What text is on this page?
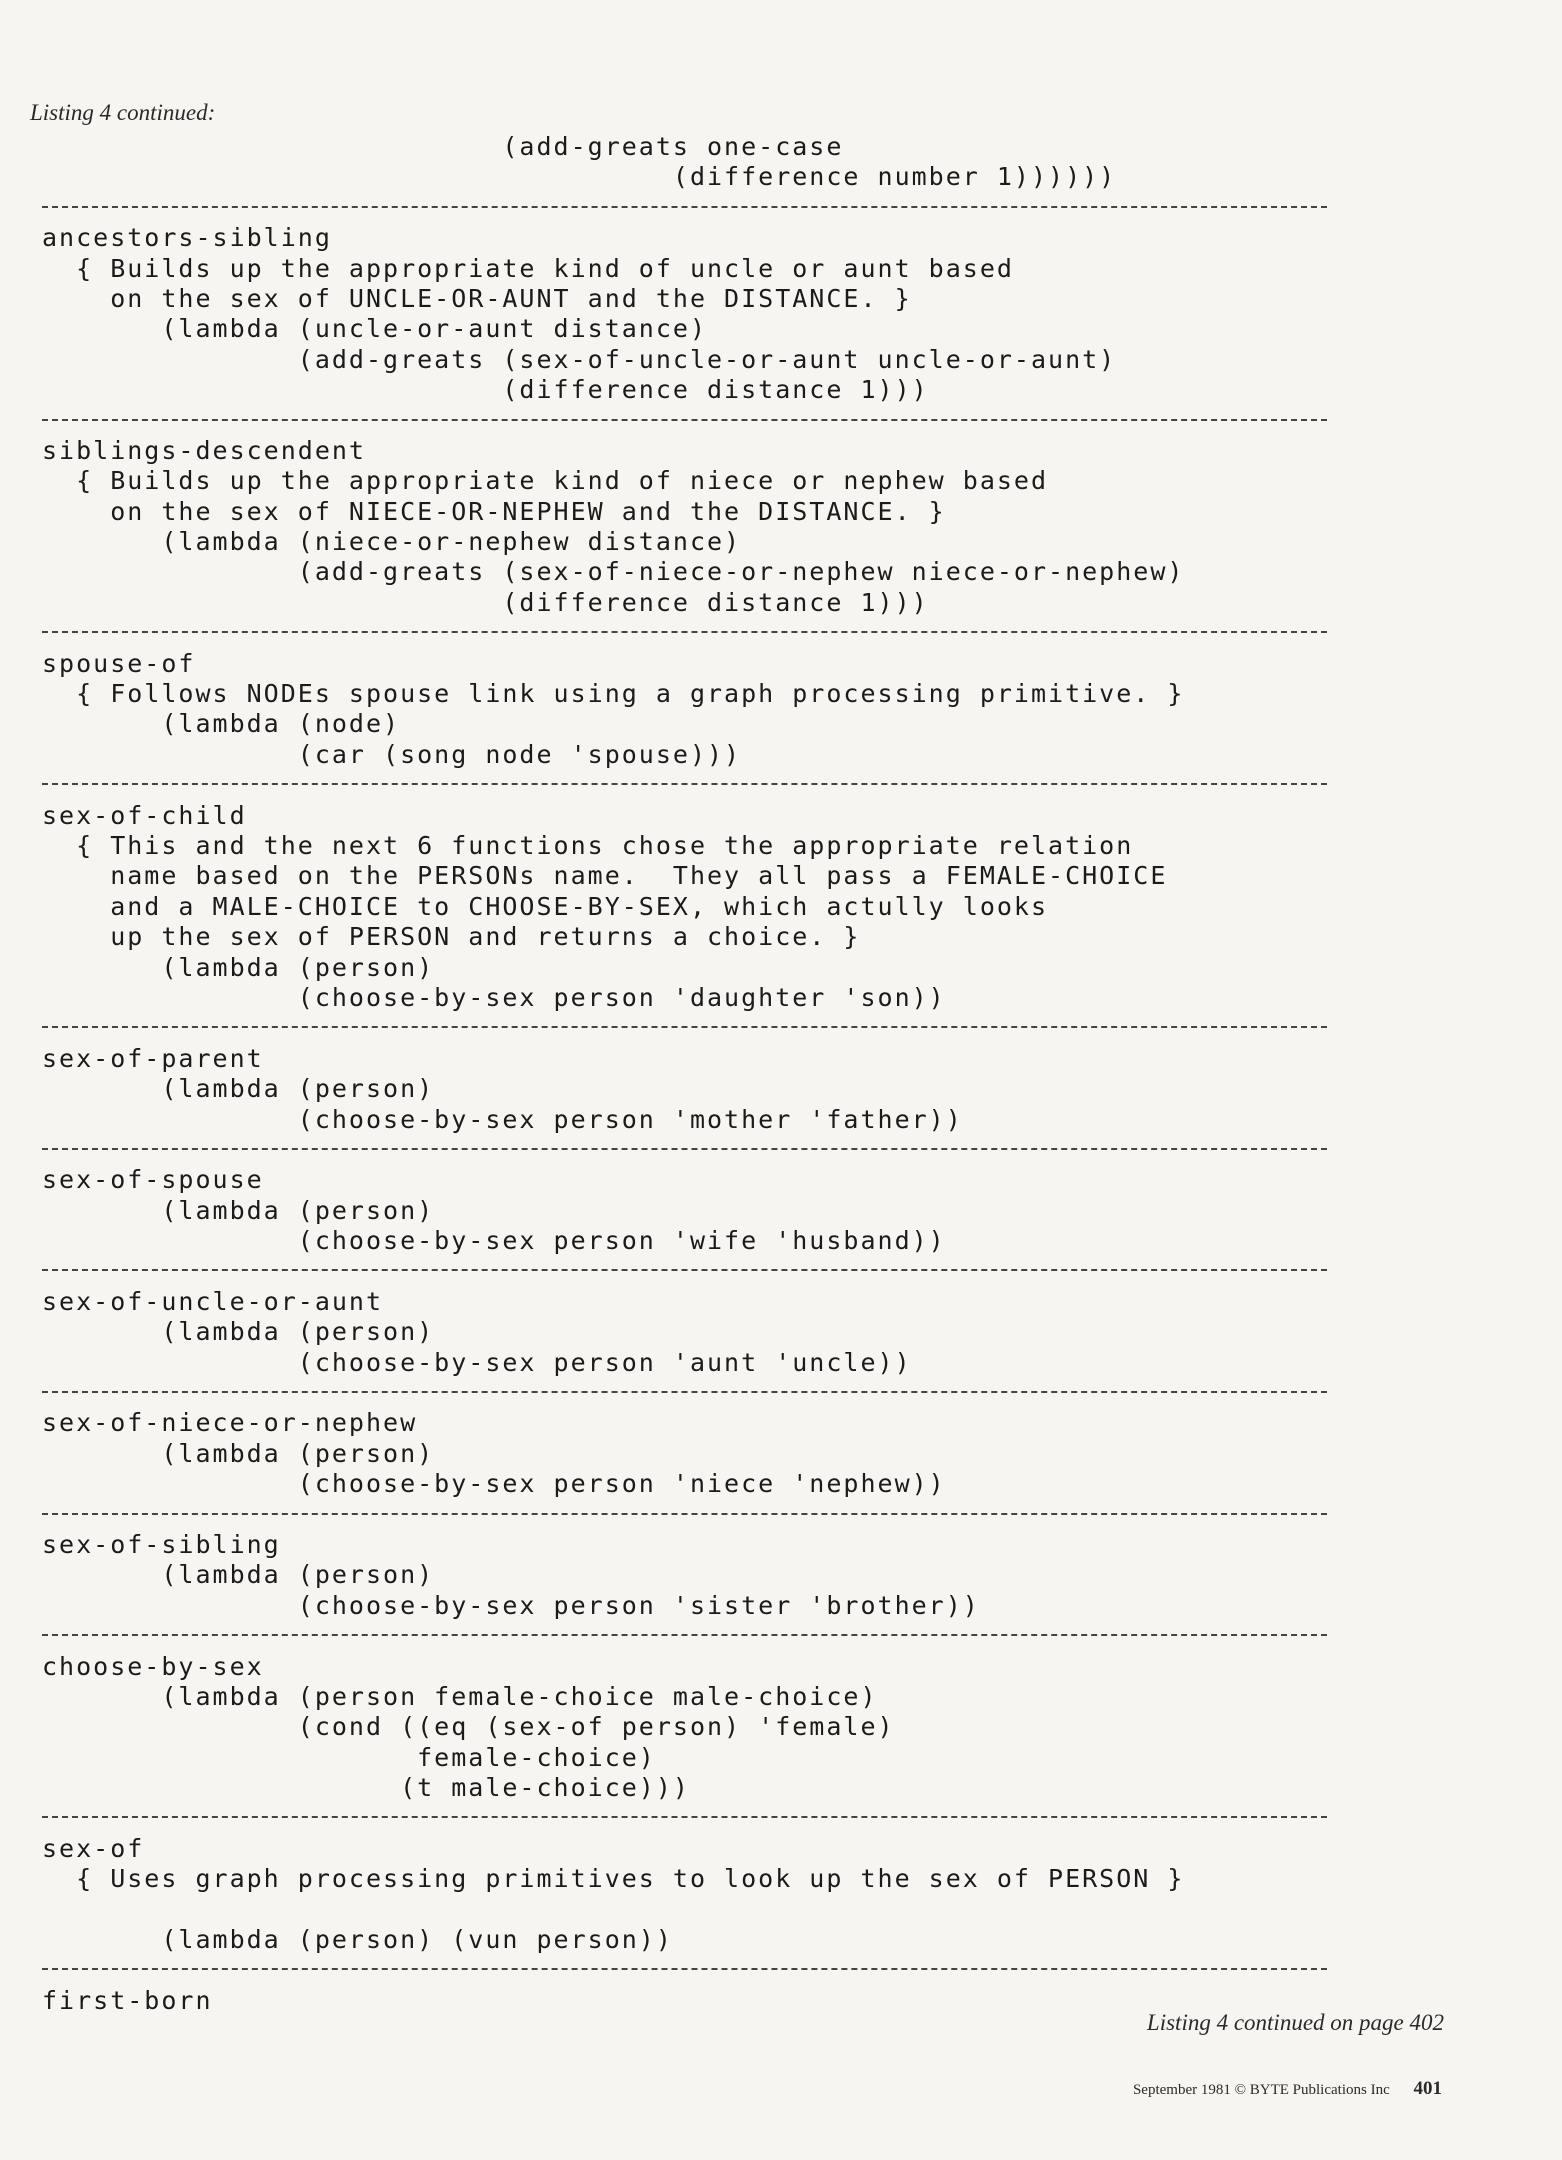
Listing 4 continued:
(add-greats one-case
(difference number 1))))))
ancestors-sibling
{ Builds up the appropriate kind of uncle or aunt based
on the sex of UNCLE-OR-AUNT and the DISTANCE. }
(lambda (uncle-or-aunt distance)
(add-greats (sex-of-uncle-or-aunt uncle-or-aunt)
(difference distance 1)))
siblings-descendent
{ Builds up the appropriate kind of niece or nephew based
on the sex of NIECE-OR-NEPHEW and the DISTANCE. }
(lambda (niece-or-nephew distance)
(add-greats (sex-of-niece-or-nephew niece-or-nephew)
(difference distance 1)))
spouse-of
{ Follows NODEs spouse link using a graph processing primitive. }
(lambda (node)
(car (song node 'spouse)))
sex-of-child
{ This and the next 6 functions chose the appropriate relation
name based on the PERSONs name.  They all pass a FEMALE-CHOICE
and a MALE-CHOICE to CHOOSE-BY-SEX, which actully looks
up the sex of PERSON and returns a choice. }
(lambda (person)
(choose-by-sex person 'daughter 'son))
sex-of-parent
(lambda (person)
(choose-by-sex person 'mother 'father))
sex-of-spouse
(lambda (person)
(choose-by-sex person 'wife 'husband))
sex-of-uncle-or-aunt
(lambda (person)
(choose-by-sex person 'aunt 'uncle))
sex-of-niece-or-nephew
(lambda (person)
(choose-by-sex person 'niece 'nephew))
sex-of-sibling
(lambda (person)
(choose-by-sex person 'sister 'brother))
choose-by-sex
(lambda (person female-choice male-choice)
(cond ((eq (sex-of person) 'female)
female-choice)
(t male-choice)))
sex-of
{ Uses graph processing primitives to look up the sex of PERSON }
(lambda (person) (vun person))
first-born
Listing 4 continued on page 402
September 1981 © BYTE Publications Inc 401
